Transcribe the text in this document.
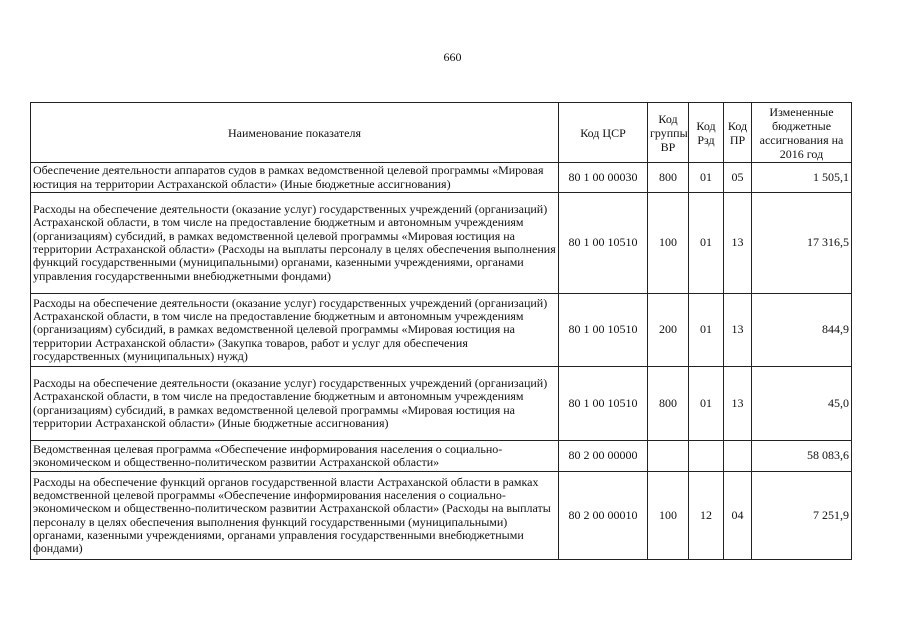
660
Наименование показателя	Код ЦСР	Код группы ВР	Код Рзд	Код ПР	Измененные бюджетные ассигнования на 2016 год
Обеспечение деятельности аппаратов судов в рамках ведомственной целевой программы «Мировая юстиция на территории Астраханской области» (Иные бюджетные ассигнования)	80 1 00 00030	800	01	05	1 505,1
Расходы на обеспечение деятельности (оказание услуг) государственных учреждений (организаций) Астраханской области, в том числе на предоставление бюджетным и автономным учреждениям (организациям) субсидий, в рамках ведомственной целевой программы «Мировая юстиция на территории Астраханской области» (Расходы на выплаты персоналу в целях обеспечения выполнения функций государственными (муниципальными) органами, казенными учреждениями, органами управления государственными внебюджетными фондами)	80 1 00 10510	100	01	13	17 316,5
Расходы на обеспечение деятельности (оказание услуг) государственных учреждений (организаций) Астраханской области, в том числе на предоставление бюджетным и автономным учреждениям (организациям) субсидий, в рамках ведомственной целевой программы «Мировая юстиция на территории Астраханской области» (Закупка товаров, работ и услуг для обеспечения государственных (муниципальных) нужд)	80 1 00 10510	200	01	13	844,9
Расходы на обеспечение деятельности (оказание услуг) государственных учреждений (организаций) Астраханской области, в том числе на предоставление бюджетным и автономным учреждениям (организациям) субсидий, в рамках ведомственной целевой программы «Мировая юстиция на территории Астраханской области» (Иные бюджетные ассигнования)	80 1 00 10510	800	01	13	45,0
Ведомственная целевая программа «Обеспечение информирования населения о социально-экономическом и общественно-политическом развитии Астраханской области»	80 2 00 00000				58 083,6
Расходы на обеспечение функций органов государственной власти Астраханской области в рамках ведомственной целевой программы «Обеспечение информирования населения о социально-экономическом и общественно-политическом развитии Астраханской области» (Расходы на выплаты персоналу в целях обеспечения выполнения функций государственными (муниципальными) органами, казенными учреждениями, органами управления государственными внебюджетными фондами)	80 2 00 00010	100	12	04	7 251,9
